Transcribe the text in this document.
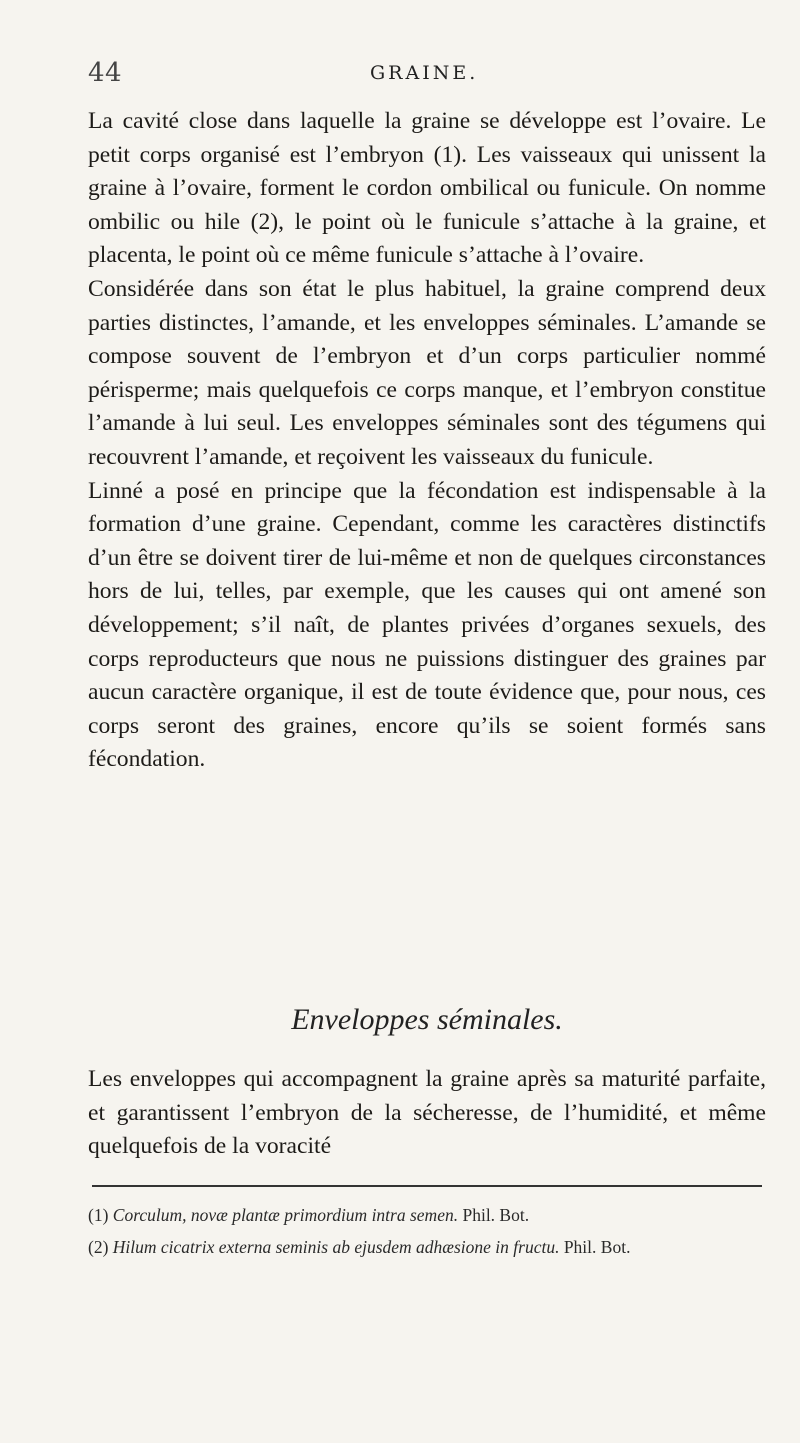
44	GRAINE.

La cavité close dans laquelle la graine se développe est l’ovaire. Le petit corps organisé est l’embryon (1). Les vaisseaux qui unissent la graine à l’ovaire, forment le cordon ombilical ou funicule. On nomme ombilic ou hile (2), le point où le funicule s’attache à la graine, et placenta, le point où ce même funicule s’attache à l’ovaire.

Considérée dans son état le plus habituel, la graine comprend deux parties distinctes, l’amande, et les enveloppes séminales. L’amande se compose souvent de l’embryon et d’un corps particulier nommé périsperme; mais quelquefois ce corps manque, et l’embryon constitue l’amande à lui seul. Les enveloppes séminales sont des tégumens qui recouvrent l’amande, et reçoivent les vaisseaux du funicule.

Linné a posé en principe que la fécondation est indispensable à la formation d’une graine. Cependant, comme les caractères distinctifs d’un être se doivent tirer de lui-même et non de quelques circonstances hors de lui, telles, par exemple, que les causes qui ont amené son développement; s’il naît, de plantes privées d’organes sexuels, des corps reproducteurs que nous ne puissions distinguer des graines par aucun caractère organique, il est de toute évidence que, pour nous, ces corps seront des graines, encore qu’ils se soient formés sans fécondation.

Enveloppes séminales.
Les enveloppes qui accompagnent la graine après sa maturité parfaite, et garantissent l’embryon de la sécheresse, de l’humidité, et même quelquefois de la voracité

(1) Corculum, novæ plantæ primordium intra semen. Phil. Bot.

(2) Hilum cicatrix externa seminis ab ejusdem adhæsione in fructu. Phil. Bot.
